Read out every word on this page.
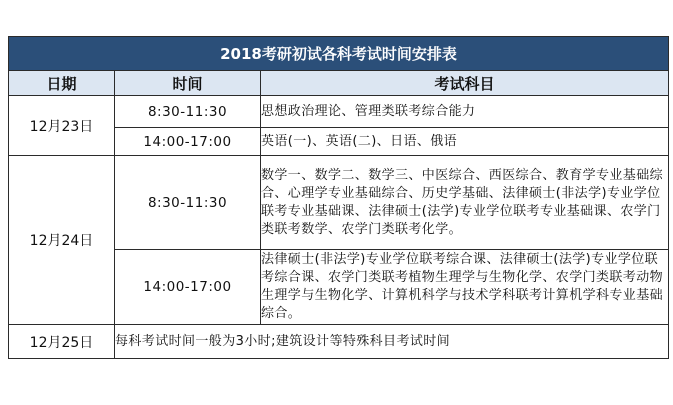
2018考研初试各科考试时间安排表		
日期	时间	考试科目
12月23日	8:30-11:30	思想政治理论、管理类联考综合能力
	14:00-17:00	英语(一)、英语(二)、日语、俄语
12月24日	8:30-11:30	数学一、数学二、数学三、中医综合、西医综合、教育学专业基础综合、心理学专业基础综合、历史学基础、法律硕士(非法学)专业学位联考专业基础课、法律硕士(法学)专业学位联考专业基础课、农学门类联考数学、农学门类联考化学。
	14:00-17:00	法律硕士(非法学)专业学位联考综合课、法律硕士(法学)专业学位联考综合课、农学门类联考植物生理学与生物化学、农学门类联考动物生理学与生物化学、计算机科学与技术学科联考计算机学科专业基础综合。
12月25日	每科考试时间一般为3小时;建筑设计等特殊科目考试时间	
